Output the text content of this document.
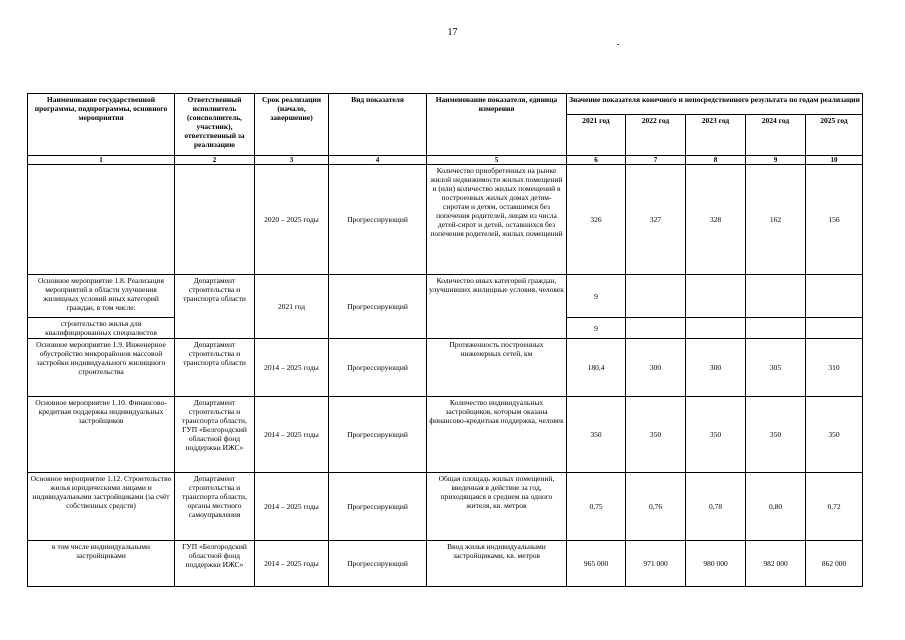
17
Наименование государственной программы, подпрограммы, основного мероприятия	Ответственный исполнитель (соисполнитель, участник), ответственный за реализацию	Срок реализации (начало, завершение)	Вид показателя	Наименование показателя, единица измерения	Значение показателя конечного и непосредственного результата по годам реализации				
					2021 год	2022 год	2023 год	2024 год	2025 год
1	2	3	4	5	6	7	8	9	10
		2020 – 2025 годы	Прогрессирующий	Количество приобретенных на рынке жилой недвижимости жилых помещений и (или) количество жилых помещений в построенных жилых домах детям-сиротам и детям, оставшимся без попечения родителей, лицам из числа детей-сирот и детей, оставшихся без попечения родителей, жилых помещений	326	327	328	162	156
Основное мероприятие 1.8. Реализация мероприятий в области улучшения жилищных условий иных категорий граждан, в том числе:	Департамент строительства и транспорта области	2021 год	Прогрессирующий	Количество иных категорий граждан, улучшивших жилищные условия, человек	9				
строительство жилья для квалифицированных специалистов					9				
Основное мероприятие 1.9. Инженерное обустройство микрорайонов массовой застройки индивидуального жилищного строительства	Департамент строительства и транспорта области	2014 – 2025 годы	Прогрессирующий	Протяженность построенных инженерных сетей, км	180,4	300	300	305	310
Основное мероприятие 1.10. Финансово-кредитная поддержка индивидуальных застройщиков	Департамент строительства и транспорта области, ГУП «Белгородский областной фонд поддержки ИЖС»	2014 – 2025 годы	Прогрессирующий	Количество индивидуальных застройщиков, которым оказана финансово-кредитная поддержка, человек	350	350	350	350	350
Основное мероприятие 1.12. Строительство жилья юридическими лицами и индивидуальными застройщиками (за счёт собственных средств)	Департамент строительства и транспорта области, органы местного самоуправления	2014 – 2025 годы	Прогрессирующий	Общая площадь жилых помещений, введенная в действие за год, приходящаяся в среднем на одного жителя, кв. метров	0,75	0,76	0,78	0,80	0,72
в том числе индивидуальными застройщиками	ГУП «Белгородский областной фонд поддержки ИЖС»	2014 – 2025 годы	Прогрессирующий	Ввод жилья индивидуальными застройщиками, кв. метров	965 000	971 000	980 000	982 000	862 000
